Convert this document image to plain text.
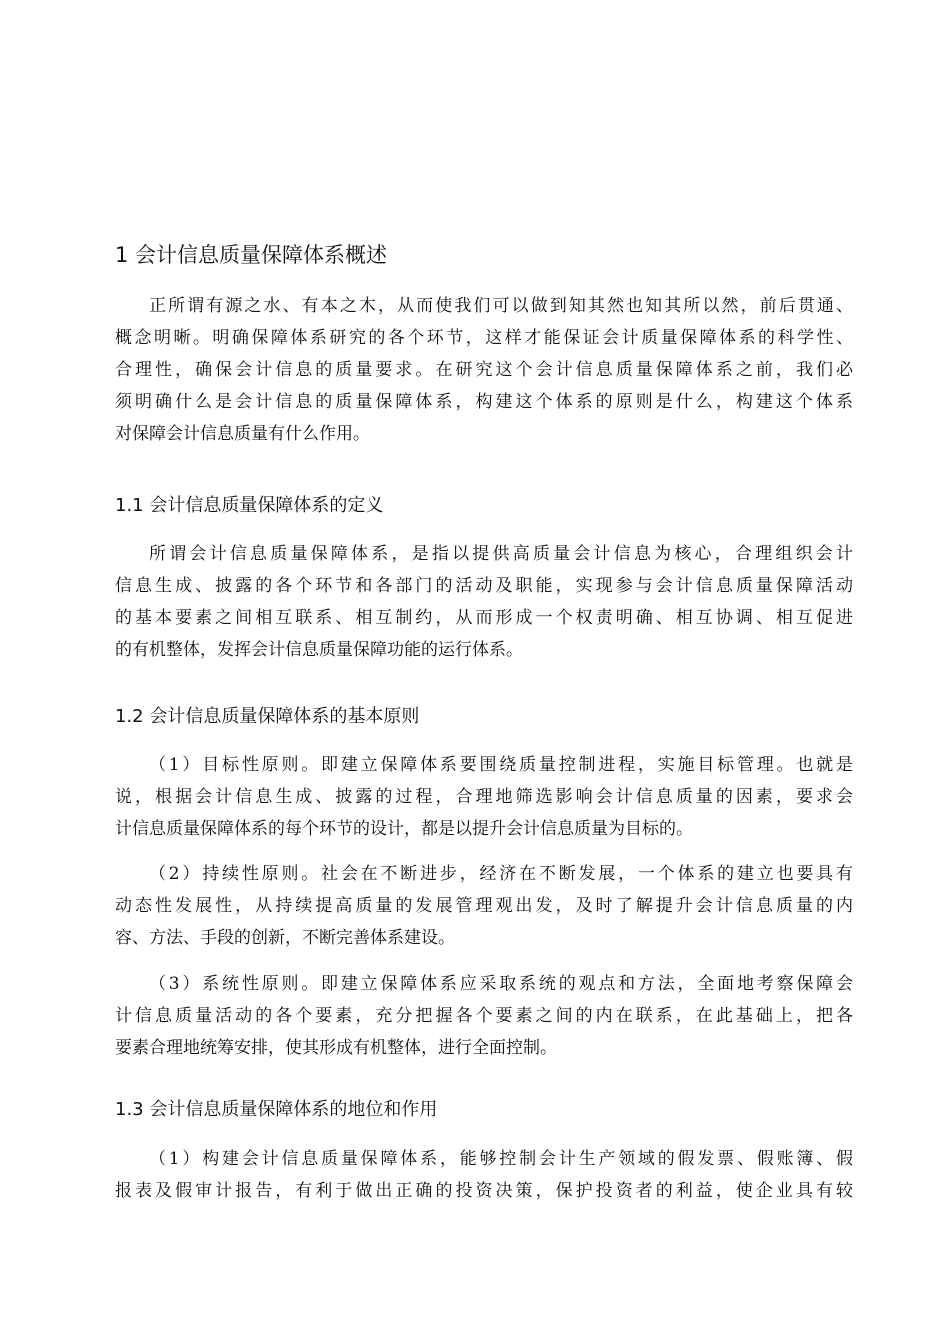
1 会计信息质量保障体系概述
正所谓有源之水、有本之木，从而使我们可以做到知其然也知其所以然，前后贯通、
概念明晰。明确保障体系研究的各个环节，这样才能保证会计质量保障体系的科学性、
合理性，确保会计信息的质量要求。在研究这个会计信息质量保障体系之前，我们必
须明确什么是会计信息的质量保障体系，构建这个体系的原则是什么，构建这个体系
对保障会计信息质量有什么作用。
1.1 会计信息质量保障体系的定义
所谓会计信息质量保障体系，是指以提供高质量会计信息为核心，合理组织会计
信息生成、披露的各个环节和各部门的活动及职能，实现参与会计信息质量保障活动
的基本要素之间相互联系、相互制约，从而形成一个权责明确、相互协调、相互促进
的有机整体，发挥会计信息质量保障功能的运行体系。
1.2 会计信息质量保障体系的基本原则
（1）目标性原则。即建立保障体系要围绕质量控制进程，实施目标管理。也就是
说，根据会计信息生成、披露的过程，合理地筛选影响会计信息质量的因素，要求会
计信息质量保障体系的每个环节的设计，都是以提升会计信息质量为目标的。
（2）持续性原则。社会在不断进步，经济在不断发展，一个体系的建立也要具有
动态性发展性，从持续提高质量的发展管理观出发，及时了解提升会计信息质量的内
容、方法、手段的创新，不断完善体系建设。
（3）系统性原则。即建立保障体系应采取系统的观点和方法，全面地考察保障会
计信息质量活动的各个要素，充分把握各个要素之间的内在联系，在此基础上，把各
要素合理地统筹安排，使其形成有机整体，进行全面控制。
1.3 会计信息质量保障体系的地位和作用
（1）构建会计信息质量保障体系，能够控制会计生产领域的假发票、假账簿、假
报表及假审计报告，有利于做出正确的投资决策，保护投资者的利益，使企业具有较
